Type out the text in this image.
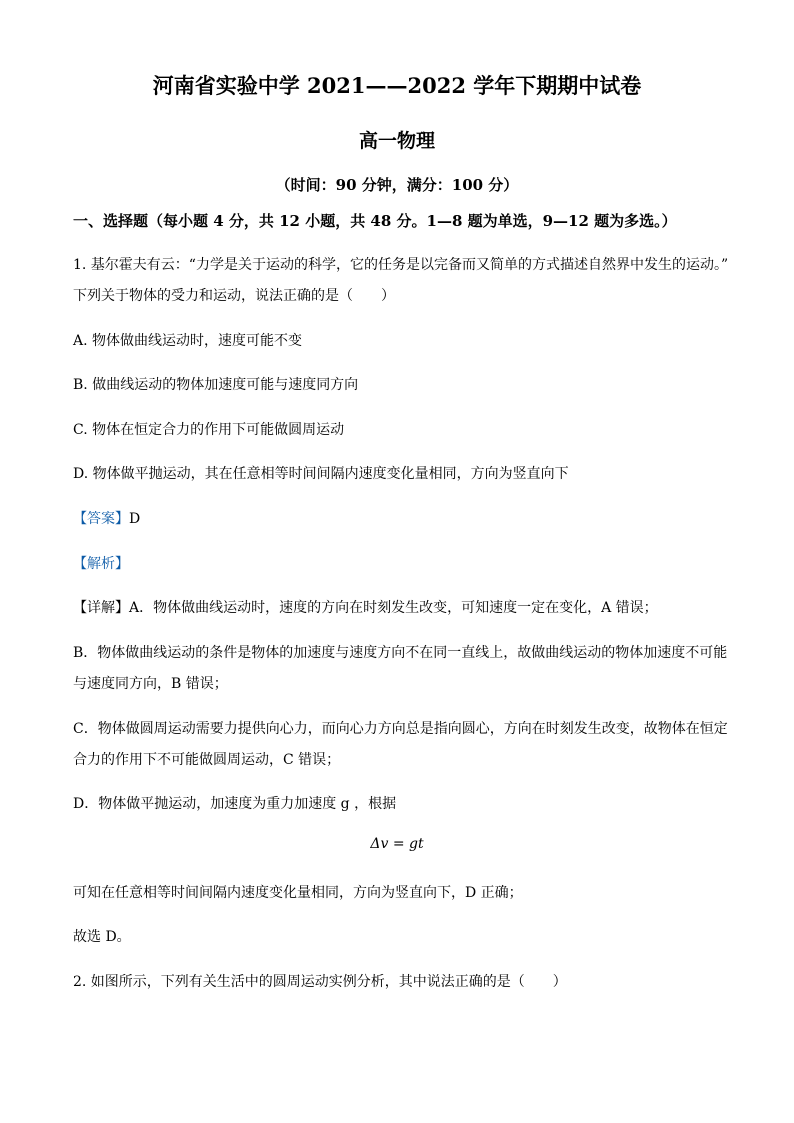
河南省实验中学 2021——2022 学年下期期中试卷
高一物理
（时间：90 分钟，满分：100 分）
一、选择题（每小题 4 分，共 12 小题，共 48 分。1—8 题为单选，9—12 题为多选。）
1. 基尔霍夫有云：“力学是关于运动的科学，它的任务是以完备而又简单的方式描述自然界中发生的运动。”
下列关于物体的受力和运动，说法正确的是（　　）
A. 物体做曲线运动时，速度可能不变
B. 做曲线运动的物体加速度可能与速度同方向
C. 物体在恒定合力的作用下可能做圆周运动
D. 物体做平抛运动，其在任意相等时间间隔内速度变化量相同，方向为竖直向下
【答案】D
【解析】
【详解】A．物体做曲线运动时，速度的方向在时刻发生改变，可知速度一定在变化，A 错误；
B．物体做曲线运动的条件是物体的加速度与速度方向不在同一直线上，故做曲线运动的物体加速度不可能
与速度同方向，B 错误；
C．物体做圆周运动需要力提供向心力，而向心力方向总是指向圆心，方向在时刻发生改变，故物体在恒定
合力的作用下不可能做圆周运动，C 错误；
D．物体做平抛运动，加速度为重力加速度 g ，根据
Δv = gt
可知在任意相等时间间隔内速度变化量相同，方向为竖直向下，D 正确；
故选 D。
2. 如图所示，下列有关生活中的圆周运动实例分析，其中说法正确的是（　　）
